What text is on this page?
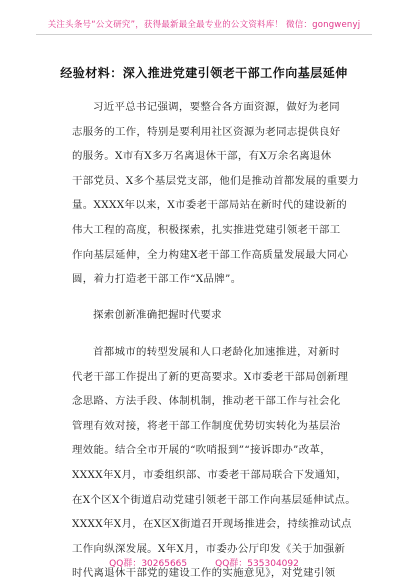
关注头条号“公文研究”，获得最新最全最专业的公文资料库！ 微信：gongwenyj
经验材料：深入推进党建引领老干部工作向基层延伸
习近平总书记强调，要整合各方面资源，做好为老同
志服务的工作，特别是要利用社区资源为老同志提供良好
的服务。X市有X多万名离退休干部，有X万余名离退休
干部党员、X多个基层党支部，他们是推动首都发展的重要力
量。XXXX年以来，X市委老干部局站在新时代的建设新的
伟大工程的高度，积极探索，扎实推进党建引领老干部工
作向基层延伸，全力构建X老干部工作高质量发展最大同心
圆，着力打造老干部工作“X品牌”。
探索创新准确把握时代要求
首都城市的转型发展和人口老龄化加速推进，对新时
代老干部工作提出了新的更高要求。X市委老干部局创新理
念思路、方法手段、体制机制，推动老干部工作与社会化
管理有效对接，将老干部工作制度优势切实转化为基层治
理效能。结合全市开展的“吹哨报到”“接诉即办”改革，
XXXX年X月，市委组织部、市委老干部局联合下发通知，
在X个区X个街道启动党建引领老干部工作向基层延伸试点。
XXXX年X月，在X区X街道召开现场推进会，持续推动试点
工作向纵深发展。X年X月，市委办公厅印发《关于加强新
时代离退休干部党的建设工作的实施意见》，对党建引领
QQ群：30265665	QQ群：535304092
